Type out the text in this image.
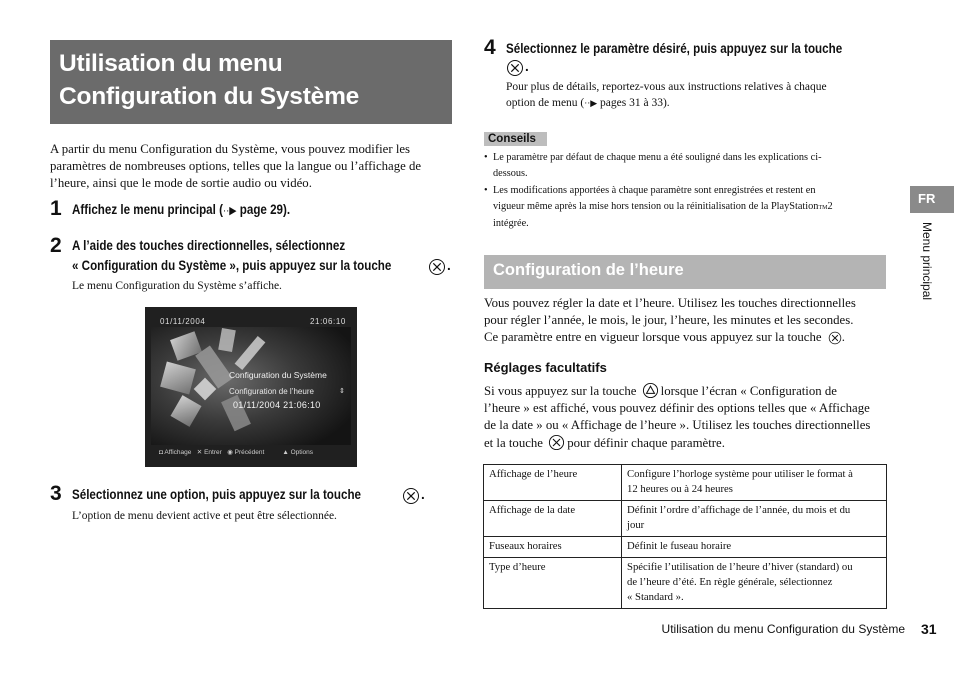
Utilisation du menu
Configuration du Système
A partir du menu Configuration du Système, vous pouvez modifier les
paramètres de nombreuses options, telles que la langue ou l’affichage de
l’heure, ainsi que le mode de sortie audio ou vidéo.
1 Affichez le menu principal (··▶ page 29).
2 A l’aide des touches directionnelles, sélectionnez
« Configuration du Système », puis appuyez sur la touche	.
Le menu Configuration du Système s’affiche.
01/11/2004	21:06:10
Configuration du Système
Configuration de l’heure	⇕
01/11/2004 21:06:10
◘ Affichage ✕ Entrer ◉ Précédent	▲ Options
3 Sélectionnez une option, puis appuyez sur la touche	.
L’option de menu devient active et peut être sélectionnée.
4 Sélectionnez le paramètre désiré, puis appuyez sur la touche
.
Pour plus de détails, reportez-vous aux instructions relatives à chaque
option de menu (··▶ pages 31 à 33).
Conseils
• Le paramètre par défaut de chaque menu a été souligné dans les explications ci-
dessous.
• Les modifications apportées à chaque paramètre sont enregistrées et restent en
vigueur même après la mise hors tension ou la réinitialisation de la PlayStationTM2
intégrée.
Configuration de l’heure
Vous pouvez régler la date et l’heure. Utilisez les touches directionnelles
pour régler l’année, le mois, le jour, l’heure, les minutes et les secondes.
Ce paramètre entre en vigueur lorsque vous appuyez sur la touche .
Réglages facultatifs
Si vous appuyez sur la touche lorsque l’écran « Configuration de
l’heure » est affiché, vous pouvez définir des options telles que « Affichage
de la date » ou « Affichage de l’heure ». Utilisez les touches directionnelles
et la touche pour définir chaque paramètre.
Affichage de l’heure	Configure l’horloge système pour utiliser le format à
12 heures ou à 24 heures

Affichage de la date	Définit l’ordre d’affichage de l’année, du mois et du
jour

Fuseaux horaires	Définit le fuseau horaire

Type d’heure	Spécifie l’utilisation de l’heure d’hiver (standard) ou
de l’heure d’été. En règle générale, sélectionnez
« Standard ».
FR
Menu principal
Utilisation du menu Configuration du Système 31
